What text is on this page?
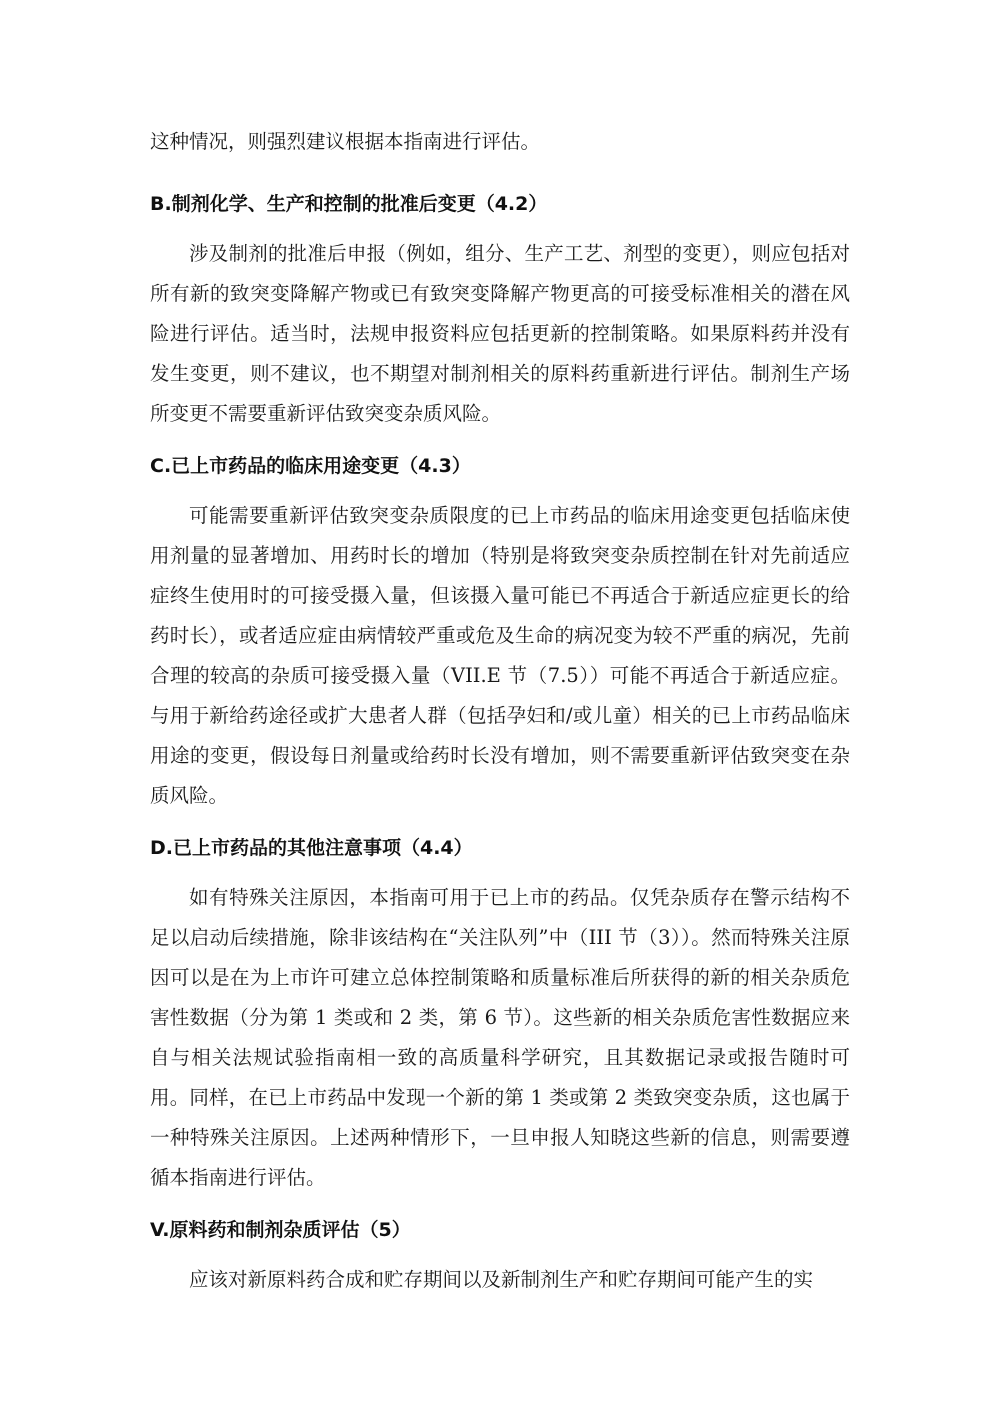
这种情况，则强烈建议根据本指南进行评估。

B.制剂化学、生产和控制的批准后变更（4.2）

涉及制剂的批准后申报（例如，组分、生产工艺、剂型的变更），则应包括对所有新的致突变降解产物或已有致突变降解产物更高的可接受标准相关的潜在风险进行评估。适当时，法规申报资料应包括更新的控制策略。如果原料药并没有发生变更，则不建议，也不期望对制剂相关的原料药重新进行评估。制剂生产场所变更不需要重新评估致突变杂质风险。

C.已上市药品的临床用途变更（4.3）

可能需要重新评估致突变杂质限度的已上市药品的临床用途变更包括临床使用剂量的显著增加、用药时长的增加（特别是将致突变杂质控制在针对先前适应症终生使用时的可接受摄入量，但该摄入量可能已不再适合于新适应症更长的给药时长），或者适应症由病情较严重或危及生命的病况变为较不严重的病况，先前合理的较高的杂质可接受摄入量（VII.E 节（7.5））可能不再适合于新适应症。与用于新给药途径或扩大患者人群（包括孕妇和/或儿童）相关的已上市药品临床用途的变更，假设每日剂量或给药时长没有增加，则不需要重新评估致突变在杂质风险。

D.已上市药品的其他注意事项（4.4）

如有特殊关注原因，本指南可用于已上市的药品。仅凭杂质存在警示结构不足以启动后续措施，除非该结构在“关注队列”中（III 节（3））。然而特殊关注原因可以是在为上市许可建立总体控制策略和质量标准后所获得的新的相关杂质危害性数据（分为第 1 类或和 2 类，第 6 节）。这些新的相关杂质危害性数据应来自与相关法规试验指南相一致的高质量科学研究，且其数据记录或报告随时可用。同样，在已上市药品中发现一个新的第 1 类或第 2 类致突变杂质，这也属于一种特殊关注原因。上述两种情形下，一旦申报人知晓这些新的信息，则需要遵循本指南进行评估。

V.原料药和制剂杂质评估（5）

应该对新原料药合成和贮存期间以及新制剂生产和贮存期间可能产生的实
